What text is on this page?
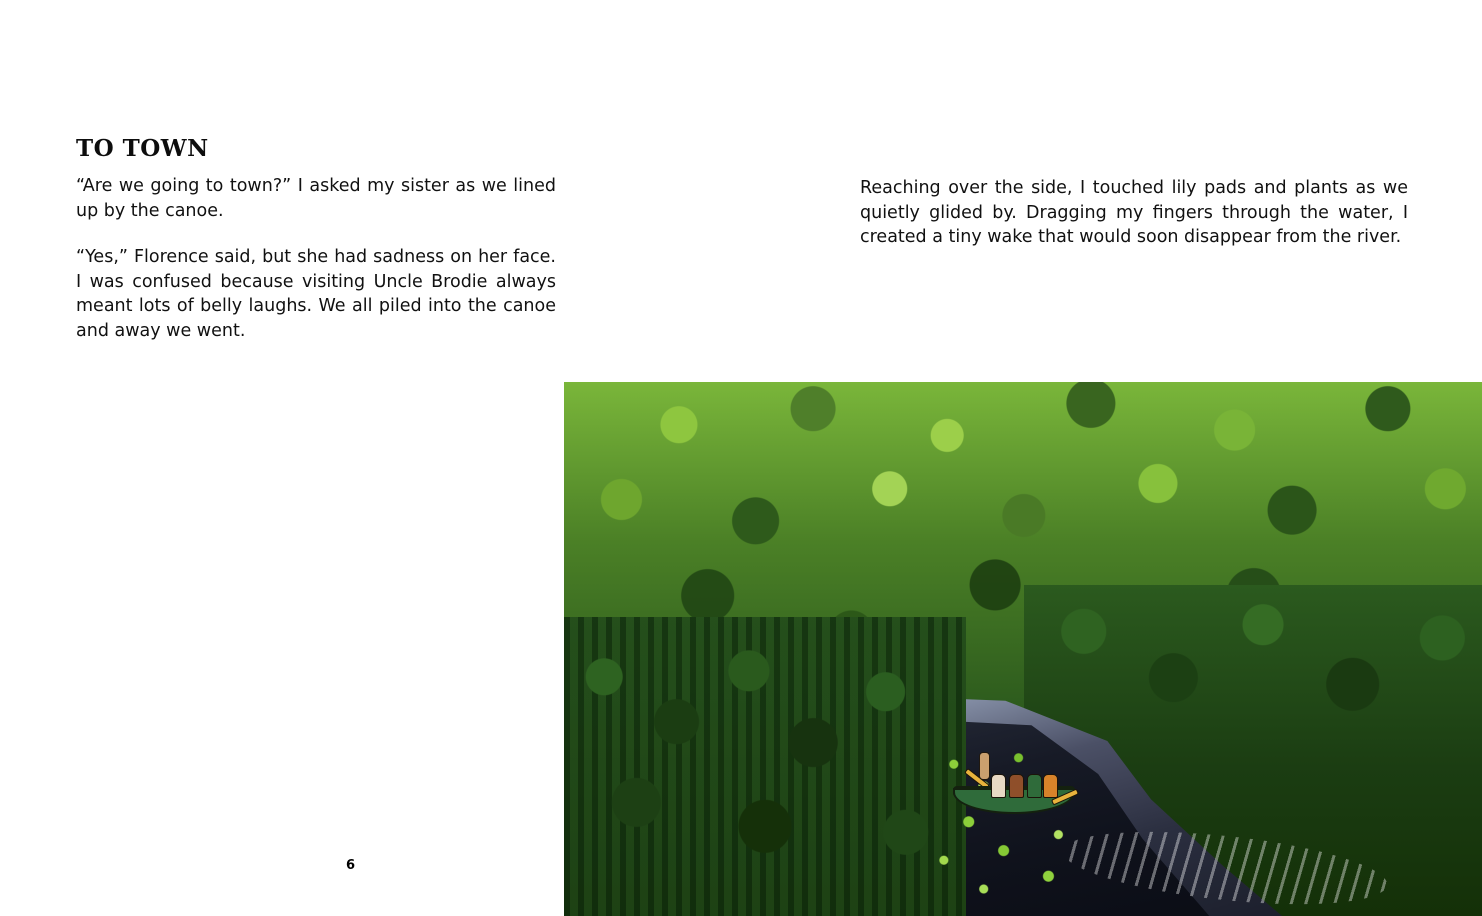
TO TOWN

“Are we going to town?” I asked my sister as we lined up by the canoe.

“Yes,” Florence said, but she had sadness on her face. I was confused because visiting Uncle Brodie always meant lots of belly laughs. We all piled into the canoe and away we went.

Reaching over the side, I touched lily pads and plants as we quietly glided by. Dragging my fingers through the water, I created a tiny wake that would soon disappear from the river.

6
